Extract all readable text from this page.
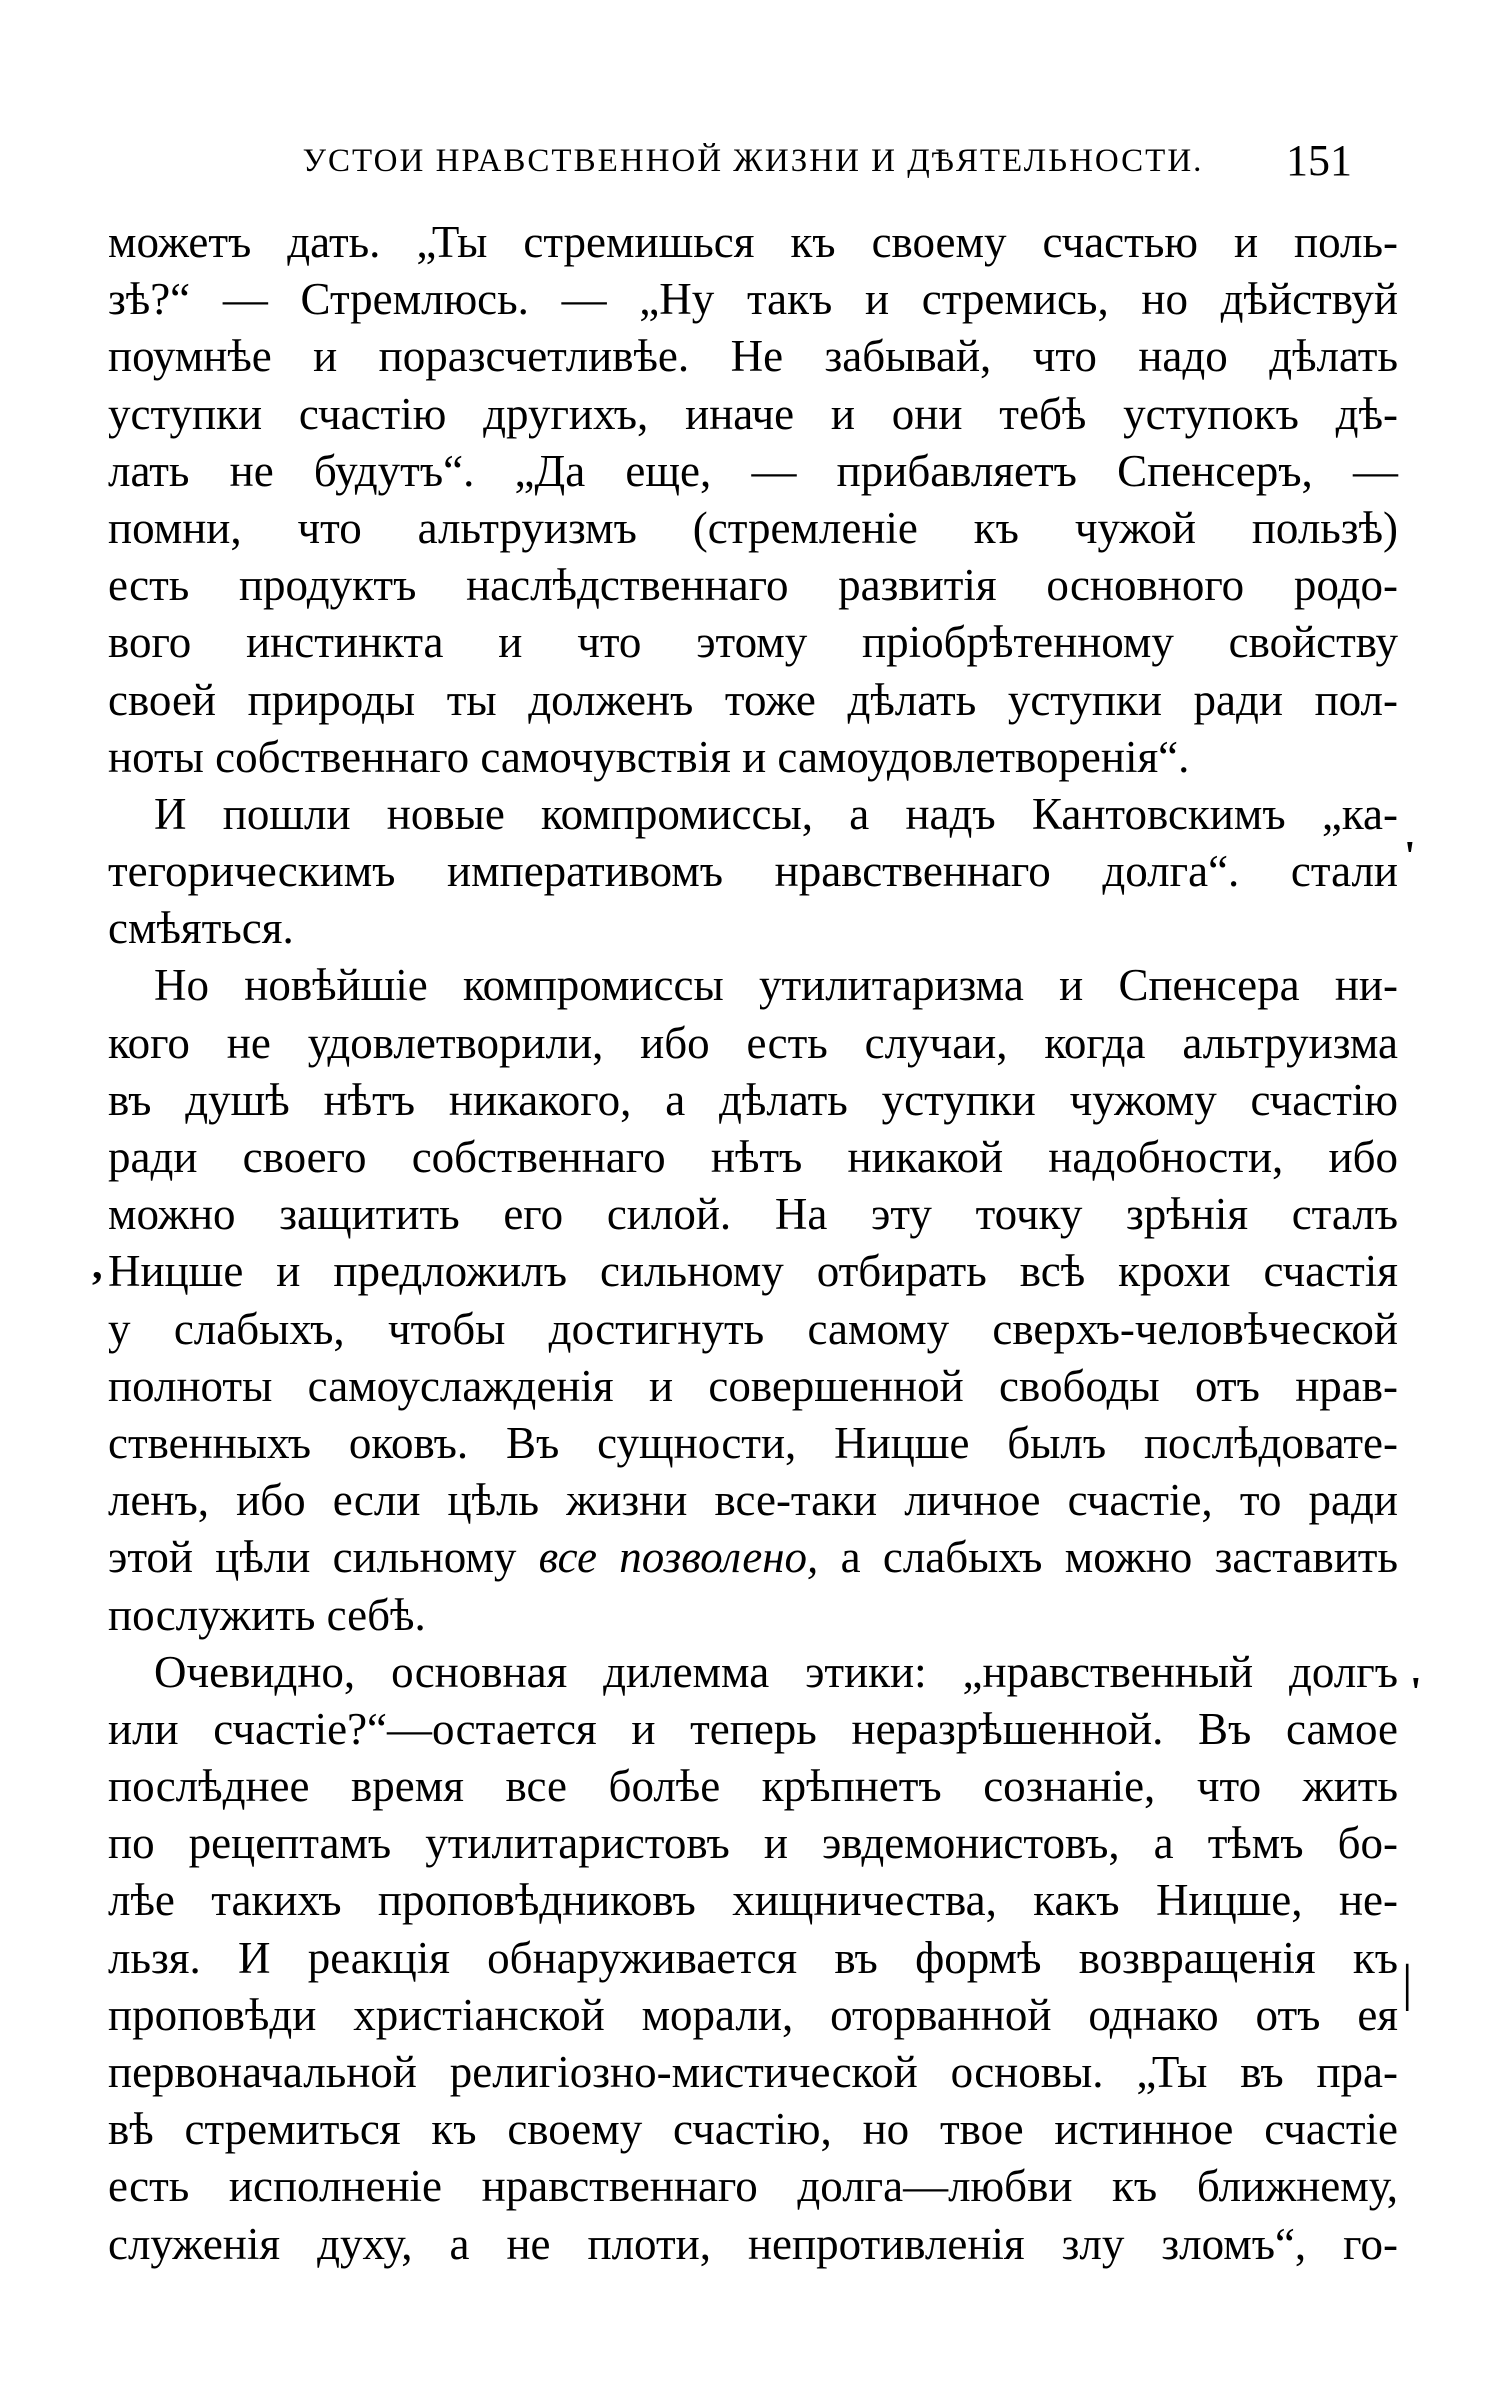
УСТОИ НРАВСТВЕННОЙ ЖИЗНИ И ДѢЯТЕЛЬНОСТИ.	151
можетъ дать. „Ты стремишься къ своему счастью и поль-
зѣ?“ — Стремлюсь. — „Ну такъ и стремись, но дѣйствуй
поумнѣе и поразсчетливѣе. Не забывай, что надо дѣлать
уступки счастію другихъ, иначе и они тебѣ уступокъ дѣ-
лать не будутъ“. „Да еще, — прибавляетъ Спенсеръ, —
помни, что альтруизмъ (стремленіе къ чужой пользѣ)
есть продуктъ наслѣдственнаго развитія основного родо-
вого инстинкта и что этому пріобрѣтенному свойству
своей природы ты долженъ тоже дѣлать уступки ради пол-
ноты собственнаго самочувствія и самоудовлетворенія“.
И пошли новые компромиссы, а надъ Кантовскимъ „ка-
тегорическимъ императивомъ нравственнаго долга“. стали
смѣяться.
Но новѣйшіе компромиссы утилитаризма и Спенсера ни-
кого не удовлетворили, ибо есть случаи, когда альтруизма
въ душѣ нѣтъ никакого, а дѣлать уступки чужому счастію
ради своего собственнаго нѣтъ никакой надобности, ибо
можно защитить его силой. На эту точку зрѣнія сталъ
Ницше и предложилъ сильному отбирать всѣ крохи счастія
у слабыхъ, чтобы достигнуть самому сверхъ-человѣческой
полноты самоуслажденія и совершенной свободы отъ нрав-
ственныхъ оковъ. Въ сущности, Ницше былъ послѣдовате-
ленъ, ибо если цѣль жизни все-таки личное счастіе, то ради
этой цѣли сильному все позволено, а слабыхъ можно заставить
послужить себѣ.
Очевидно, основная дилемма этики: „нравственный долгъ
или счастіе?“—остается и теперь неразрѣшенной. Въ самое
послѣднее время все болѣе крѣпнетъ сознаніе, что жить
по рецептамъ утилитаристовъ и эвдемонистовъ, а тѣмъ бо-
лѣе такихъ проповѣдниковъ хищничества, какъ Ницше, не-
льзя. И реакція обнаруживается въ формѣ возвращенія къ
проповѣди христіанской морали, оторванной однако отъ ея
первоначальной религіозно-мистической основы. „Ты въ пра-
вѣ стремиться къ своему счастію, но твое истинное счастіе
есть исполненіе нравственнаго долга—любви къ ближнему,
служенія духу, а не плоти, непротивленія злу зломъ“, го-
'
,
'
|
